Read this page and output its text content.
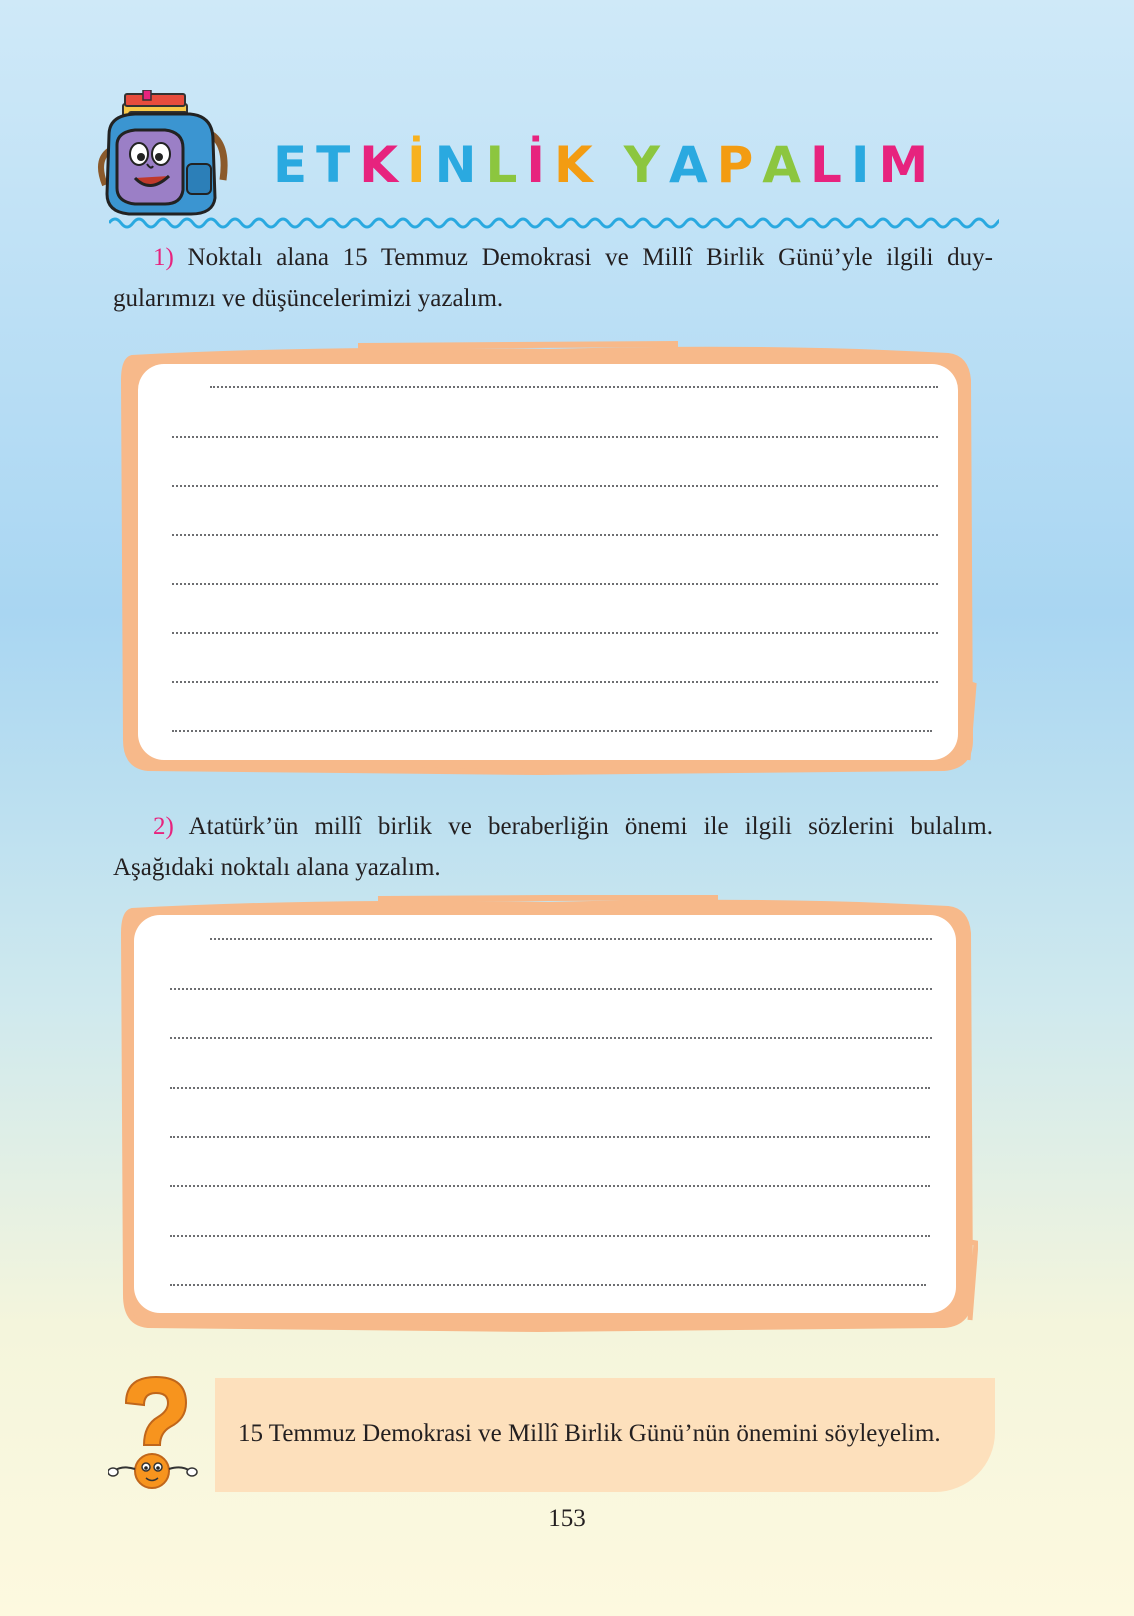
ETKİNLİK YAPALIM

1) Noktalı alana 15 Temmuz Demokrasi ve Millî Birlik Günü’yle ilgili duy-gularımızı ve düşüncelerimizi yazalım.

2) Atatürk’ün millî birlik ve beraberliğin önemi ile ilgili sözlerini bulalım. Aşağıdaki noktalı alana yazalım.

15 Temmuz Demokrasi ve Millî Birlik Günü’nün önemini söyleyelim.

153
